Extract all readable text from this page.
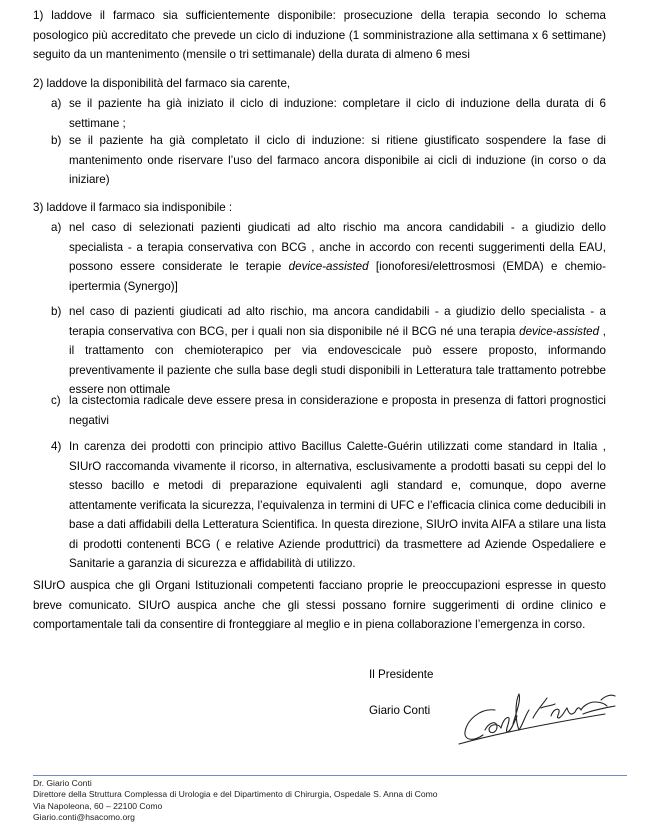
1) laddove il farmaco sia sufficientemente disponibile: prosecuzione della terapia secondo lo schema posologico più accreditato che prevede un ciclo di induzione (1 somministrazione alla settimana x 6 settimane) seguito da un mantenimento (mensile o tri settimanale) della durata di almeno 6 mesi

2) laddove la disponibilità del farmaco sia carente,
a) se il paziente ha già iniziato il ciclo di induzione: completare il ciclo di induzione della durata di 6 settimane ;

b) se il paziente ha già completato il ciclo di induzione: si ritiene giustificato sospendere la fase di mantenimento onde riservare l’uso del farmaco ancora disponibile ai cicli di induzione (in corso o da iniziare)

3) laddove il farmaco sia indisponibile :
a) nel caso di selezionati pazienti giudicati ad alto rischio ma ancora candidabili - a giudizio dello specialista - a terapia conservativa con BCG , anche in accordo con recenti suggerimenti della EAU, possono essere considerate le terapie device-assisted [ionoforesi/elettrosmosi (EMDA) e chemio-ipertermia (Synergo)]

b) nel caso di pazienti giudicati ad alto rischio, ma ancora candidabili - a giudizio dello specialista - a terapia conservativa con BCG, per i quali non sia disponibile né il BCG né una terapia device-assisted , il trattamento con chemioterapico per via endovescicale può essere proposto, informando preventivamente il paziente che sulla base degli studi disponibili in Letteratura tale trattamento potrebbe essere non ottimale

c) la cistectomia radicale deve essere presa in considerazione e proposta in presenza di fattori prognostici negativi

4) In carenza dei prodotti con principio attivo Bacillus Calette-Guérin utilizzati come standard in Italia , SIUrO raccomanda vivamente il ricorso, in alternativa, esclusivamente a prodotti basati su ceppi del lo stesso bacillo e metodi di preparazione equivalenti agli standard e, comunque, dopo averne attentamente verificata la sicurezza, l’equivalenza in termini di UFC e l’efficacia clinica come deducibili in base a dati affidabili della Letteratura Scientifica. In questa direzione, SIUrO invita AIFA a stilare una lista di prodotti contenenti BCG ( e relative Aziende produttrici) da trasmettere ad Aziende Ospedaliere e Sanitarie a garanzia di sicurezza e affidabilità di utilizzo.

SIUrO auspica che gli Organi Istituzionali competenti facciano proprie le preoccupazioni espresse in questo breve comunicato. SIUrO auspica anche che gli stessi possano fornire suggerimenti di ordine clinico e comportamentale tali da consentire di fronteggiare al meglio e in piena collaborazione l’emergenza in corso.

Il Presidente
Giario Conti
Dr. Giario Conti
Direttore della Struttura Complessa di Urologia e del Dipartimento di Chirurgia, Ospedale S. Anna di Como
Via Napoleona, 60 – 22100 Como
Giario.conti@hsacomo.org
